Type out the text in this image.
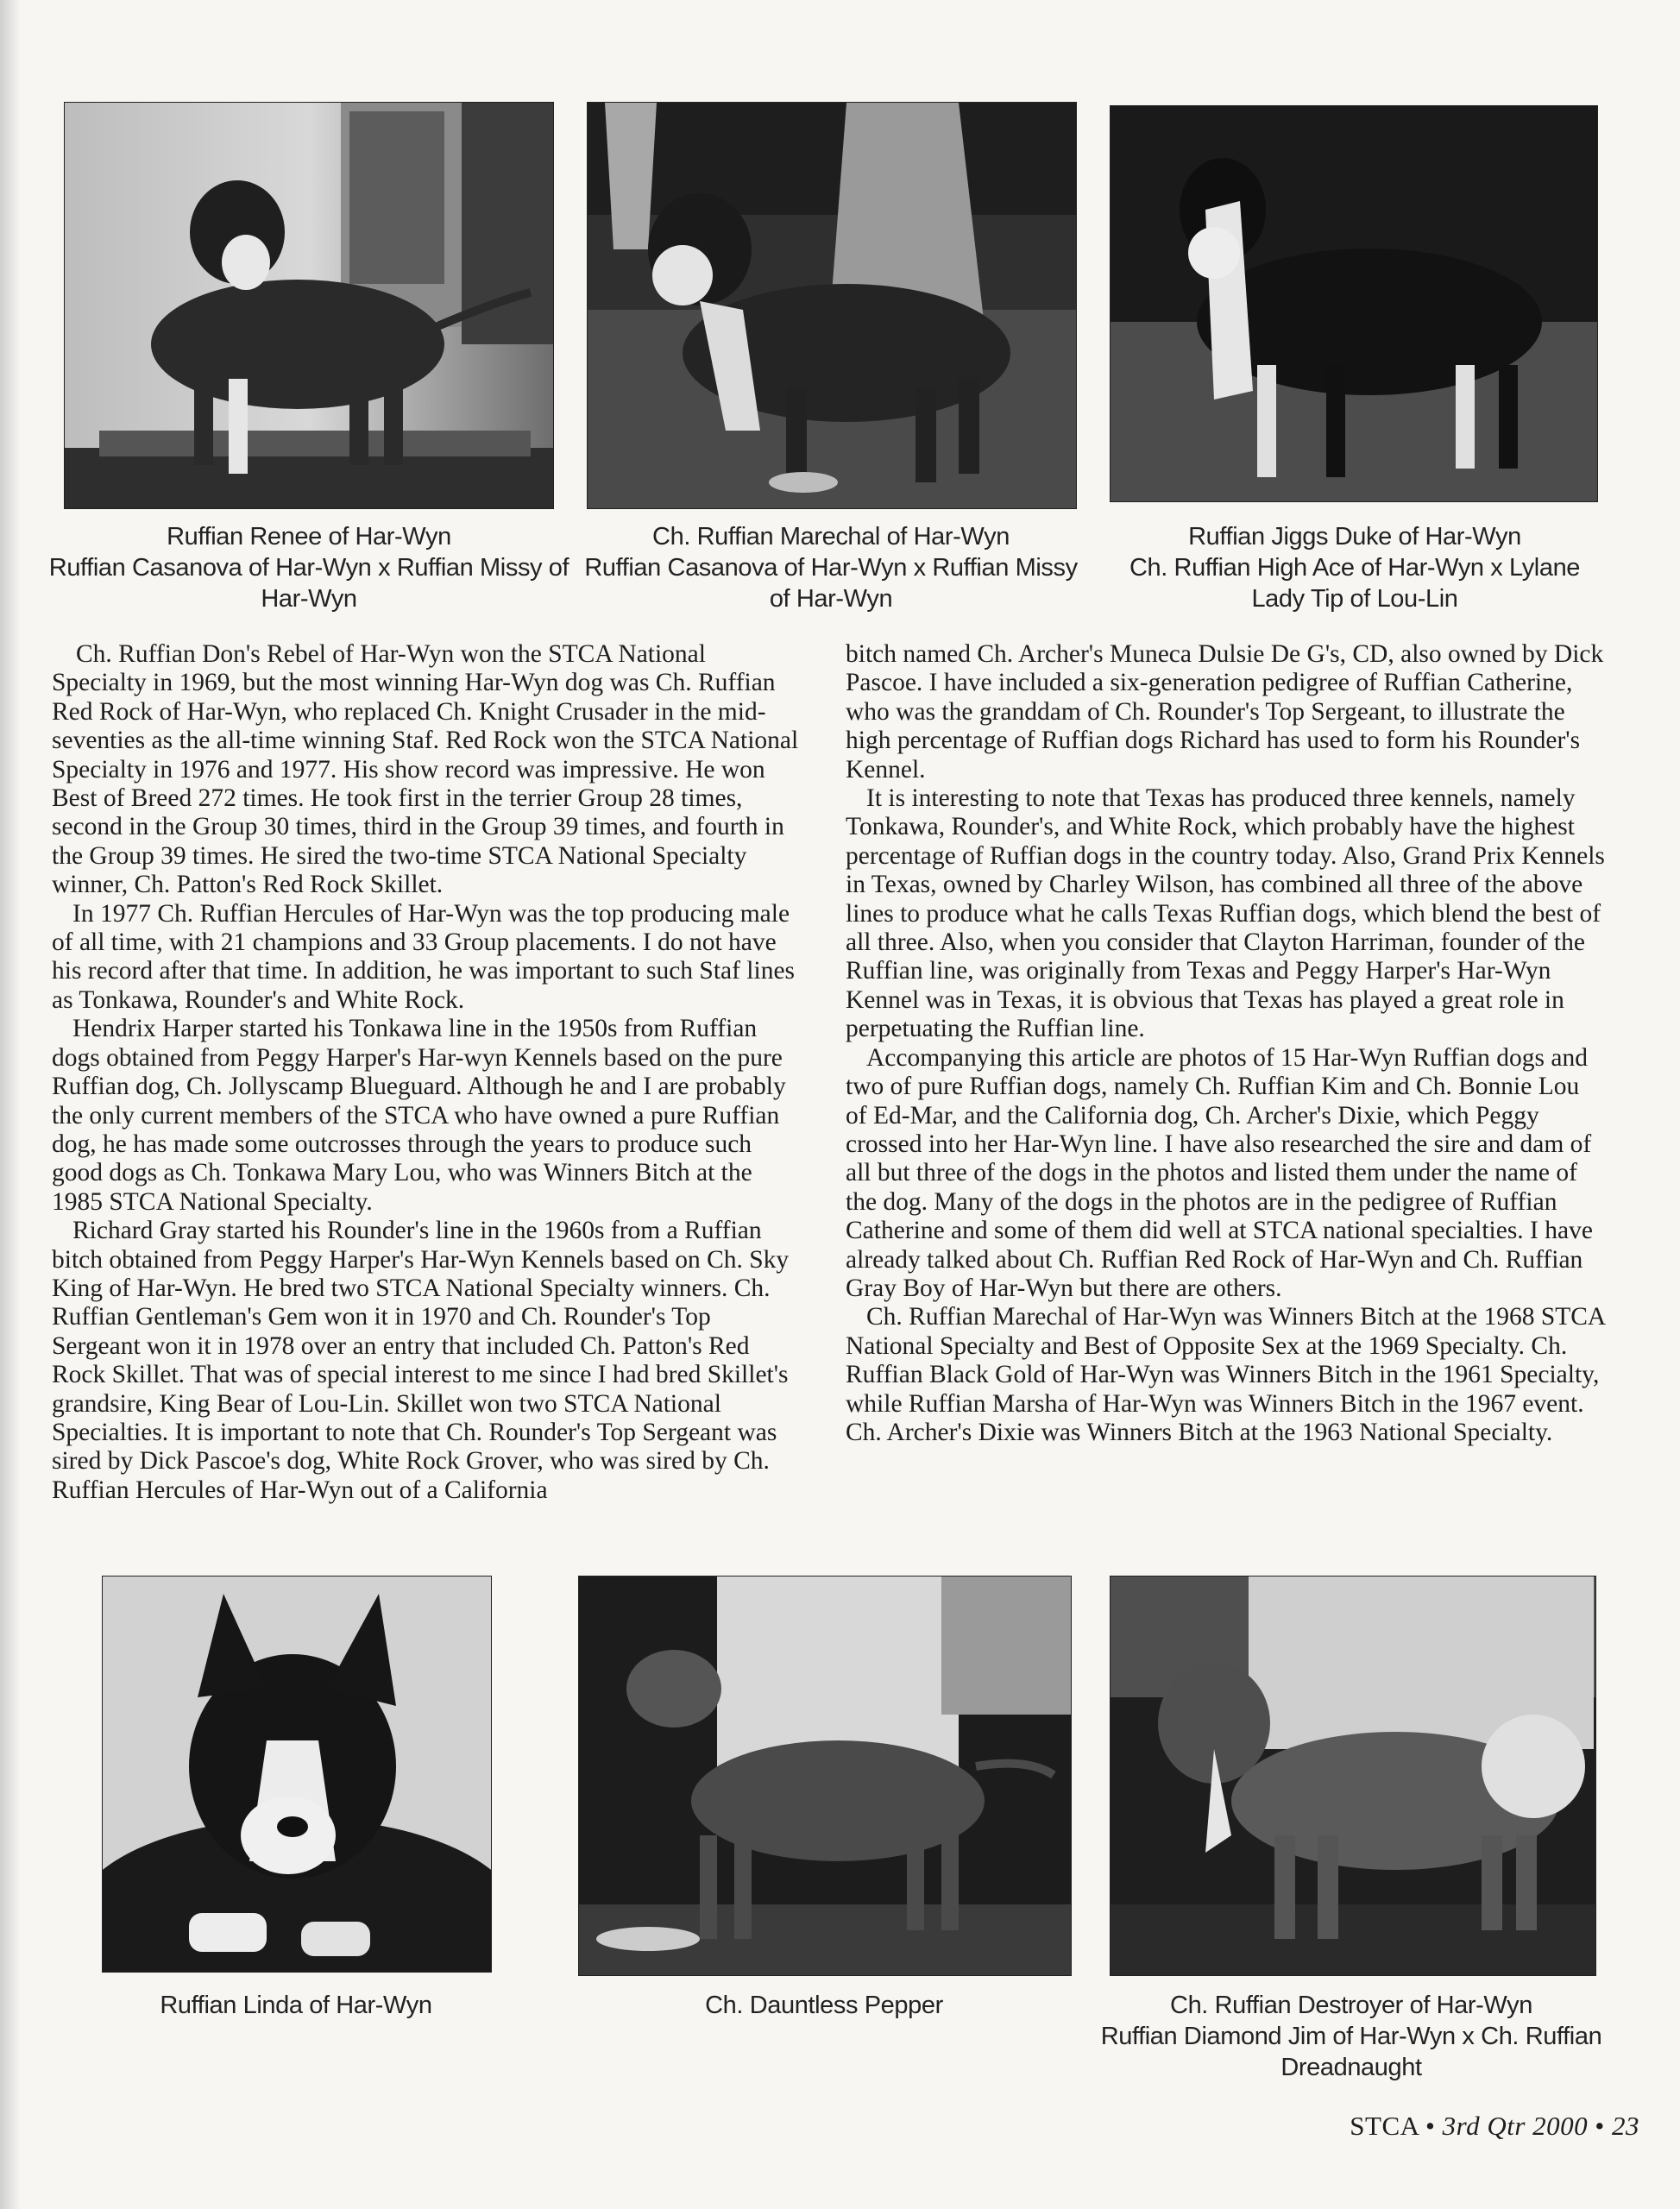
Ruffian Renee of Har-Wyn
Ruffian Casanova of Har-Wyn x Ruffian Missy of Har-Wyn
Ch. Ruffian Marechal of Har-Wyn
Ruffian Casanova of Har-Wyn x Ruffian Missy of Har-Wyn
Ruffian Jiggs Duke of Har-Wyn
Ch. Ruffian High Ace of Har-Wyn x Lylane Lady Tip of Lou-Lin

Ch. Ruffian Don's Rebel of Har-Wyn won the STCA National Specialty in 1969, but the most winning Har-Wyn dog was Ch. Ruffian Red Rock of Har-Wyn, who replaced Ch. Knight Crusader in the mid-seventies as the all-time winning Staf. Red Rock won the STCA National Specialty in 1976 and 1977. His show record was impressive. He won Best of Breed 272 times. He took first in the terrier Group 28 times, second in the Group 30 times, third in the Group 39 times, and fourth in the Group 39 times. He sired the two-time STCA National Specialty winner, Ch. Patton's Red Rock Skillet.

In 1977 Ch. Ruffian Hercules of Har-Wyn was the top producing male of all time, with 21 champions and 33 Group placements. I do not have his record after that time. In addition, he was important to such Staf lines as Tonkawa, Rounder's and White Rock.

Hendrix Harper started his Tonkawa line in the 1950s from Ruffian dogs obtained from Peggy Harper's Har-wyn Kennels based on the pure Ruffian dog, Ch. Jollyscamp Blueguard. Although he and I are probably the only current members of the STCA who have owned a pure Ruffian dog, he has made some outcrosses through the years to produce such good dogs as Ch. Tonkawa Mary Lou, who was Winners Bitch at the 1985 STCA National Specialty.

Richard Gray started his Rounder's line in the 1960s from a Ruffian bitch obtained from Peggy Harper's Har-Wyn Kennels based on Ch. Sky King of Har-Wyn. He bred two STCA National Specialty winners. Ch. Ruffian Gentleman's Gem won it in 1970 and Ch. Rounder's Top Sergeant won it in 1978 over an entry that included Ch. Patton's Red Rock Skillet. That was of special interest to me since I had bred Skillet's grandsire, King Bear of Lou-Lin. Skillet won two STCA National Specialties. It is important to note that Ch. Rounder's Top Sergeant was sired by Dick Pascoe's dog, White Rock Grover, who was sired by Ch. Ruffian Hercules of Har-Wyn out of a California

bitch named Ch. Archer's Muneca Dulsie De G's, CD, also owned by Dick Pascoe. I have included a six-generation pedigree of Ruffian Catherine, who was the granddam of Ch. Rounder's Top Sergeant, to illustrate the high percentage of Ruffian dogs Richard has used to form his Rounder's Kennel.

It is interesting to note that Texas has produced three kennels, namely Tonkawa, Rounder's, and White Rock, which probably have the highest percentage of Ruffian dogs in the country today. Also, Grand Prix Kennels in Texas, owned by Charley Wilson, has combined all three of the above lines to produce what he calls Texas Ruffian dogs, which blend the best of all three. Also, when you consider that Clayton Harriman, founder of the Ruffian line, was originally from Texas and Peggy Harper's Har-Wyn Kennel was in Texas, it is obvious that Texas has played a great role in perpetuating the Ruffian line.

Accompanying this article are photos of 15 Har-Wyn Ruffian dogs and two of pure Ruffian dogs, namely Ch. Ruffian Kim and Ch. Bonnie Lou of Ed-Mar, and the California dog, Ch. Archer's Dixie, which Peggy crossed into her Har-Wyn line. I have also researched the sire and dam of all but three of the dogs in the photos and listed them under the name of the dog. Many of the dogs in the photos are in the pedigree of Ruffian Catherine and some of them did well at STCA national specialties. I have already talked about Ch. Ruffian Red Rock of Har-Wyn and Ch. Ruffian Gray Boy of Har-Wyn but there are others.

Ch. Ruffian Marechal of Har-Wyn was Winners Bitch at the 1968 STCA National Specialty and Best of Opposite Sex at the 1969 Specialty. Ch. Ruffian Black Gold of Har-Wyn was Winners Bitch in the 1961 Specialty, while Ruffian Marsha of Har-Wyn was Winners Bitch in the 1967 event. Ch. Archer's Dixie was Winners Bitch at the 1963 National Specialty.

Ruffian Linda of Har-Wyn	Ch. Dauntless Pepper	Ch. Ruffian Destroyer of Har-Wyn
Ruffian Diamond Jim of Har-Wyn x Ch. Ruffian Dreadnaught
STCA • 3rd Qtr 2000 • 23
